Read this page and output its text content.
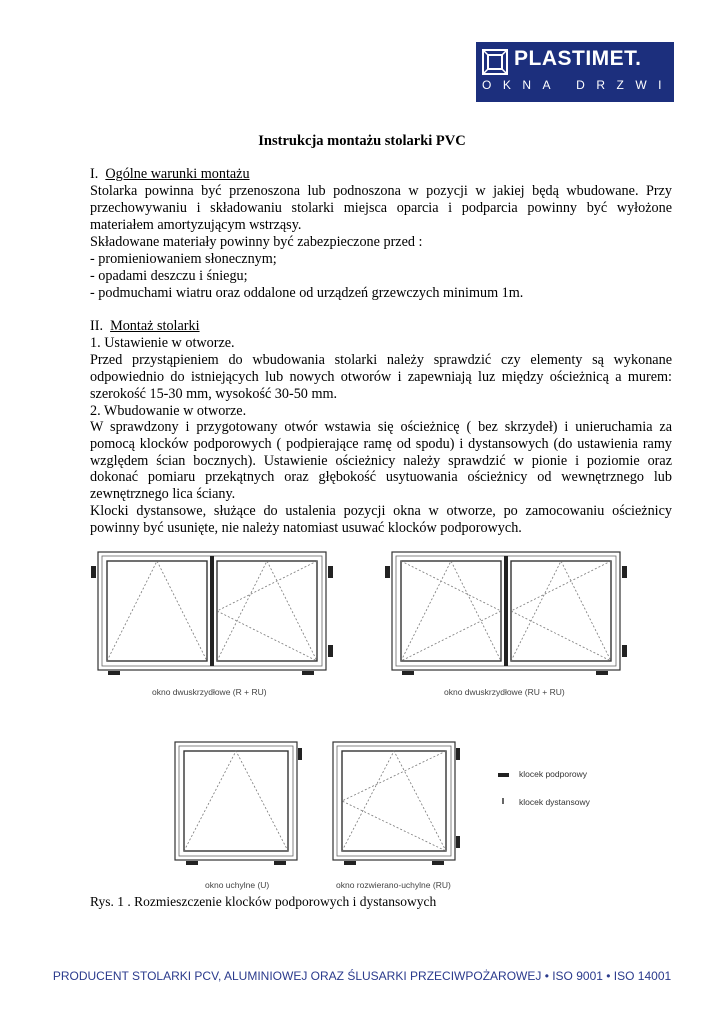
PLASTIMET.
OKNA DRZWI
Instrukcja montażu stolarki PVC
I. Ogólne warunki montażu
Stolarka powinna być przenoszona lub podnoszona w pozycji w jakiej będą wbudowane. Przy przechowywaniu i składowaniu stolarki miejsca oparcia i podparcia powinny być wyłożone materiałem amortyzującym wstrząsy.
Składowane materiały powinny być zabezpieczone przed :
- promieniowaniem słonecznym;
- opadami deszczu i śniegu;
- podmuchami wiatru oraz oddalone od urządzeń grzewczych minimum 1m.
II. Montaż stolarki
1. Ustawienie w otworze.
Przed przystąpieniem do wbudowania stolarki należy sprawdzić czy elementy są wykonane odpowiednio do istniejących lub nowych otworów i zapewniają luz między ościeżnicą a murem: szerokość 15-30 mm, wysokość 30-50 mm.
2. Wbudowanie w otworze.
W sprawdzony i przygotowany otwór wstawia się ościeżnicę ( bez skrzydeł) i unieruchamia za pomocą klocków podporowych ( podpierające ramę od spodu) i dystansowych (do ustawienia ramy względem ścian bocznych). Ustawienie ościeżnicy należy sprawdzić w pionie i poziomie oraz dokonać pomiaru przekątnych oraz głębokość usytuowania ościeżnicy od wewnętrznego lub zewnętrznego lica ściany.
Klocki dystansowe, służące do ustalenia pozycji okna w otworze, po zamocowaniu ościeżnicy powinny być usunięte, nie należy natomiast usuwać klocków podporowych.
okno dwuskrzydłowe (R + RU)	okno dwuskrzydłowe (RU + RU)
okno uchylne (U)	okno rozwierano-uchylne (RU)
klocek podporowy
klocek dystansowy
Rys. 1 . Rozmieszczenie klocków podporowych i dystansowych
PRODUCENT STOLARKI PCV, ALUMINIOWEJ ORAZ ŚLUSARKI PRZECIWPOŻAROWEJ • ISO 9001 • ISO 14001
